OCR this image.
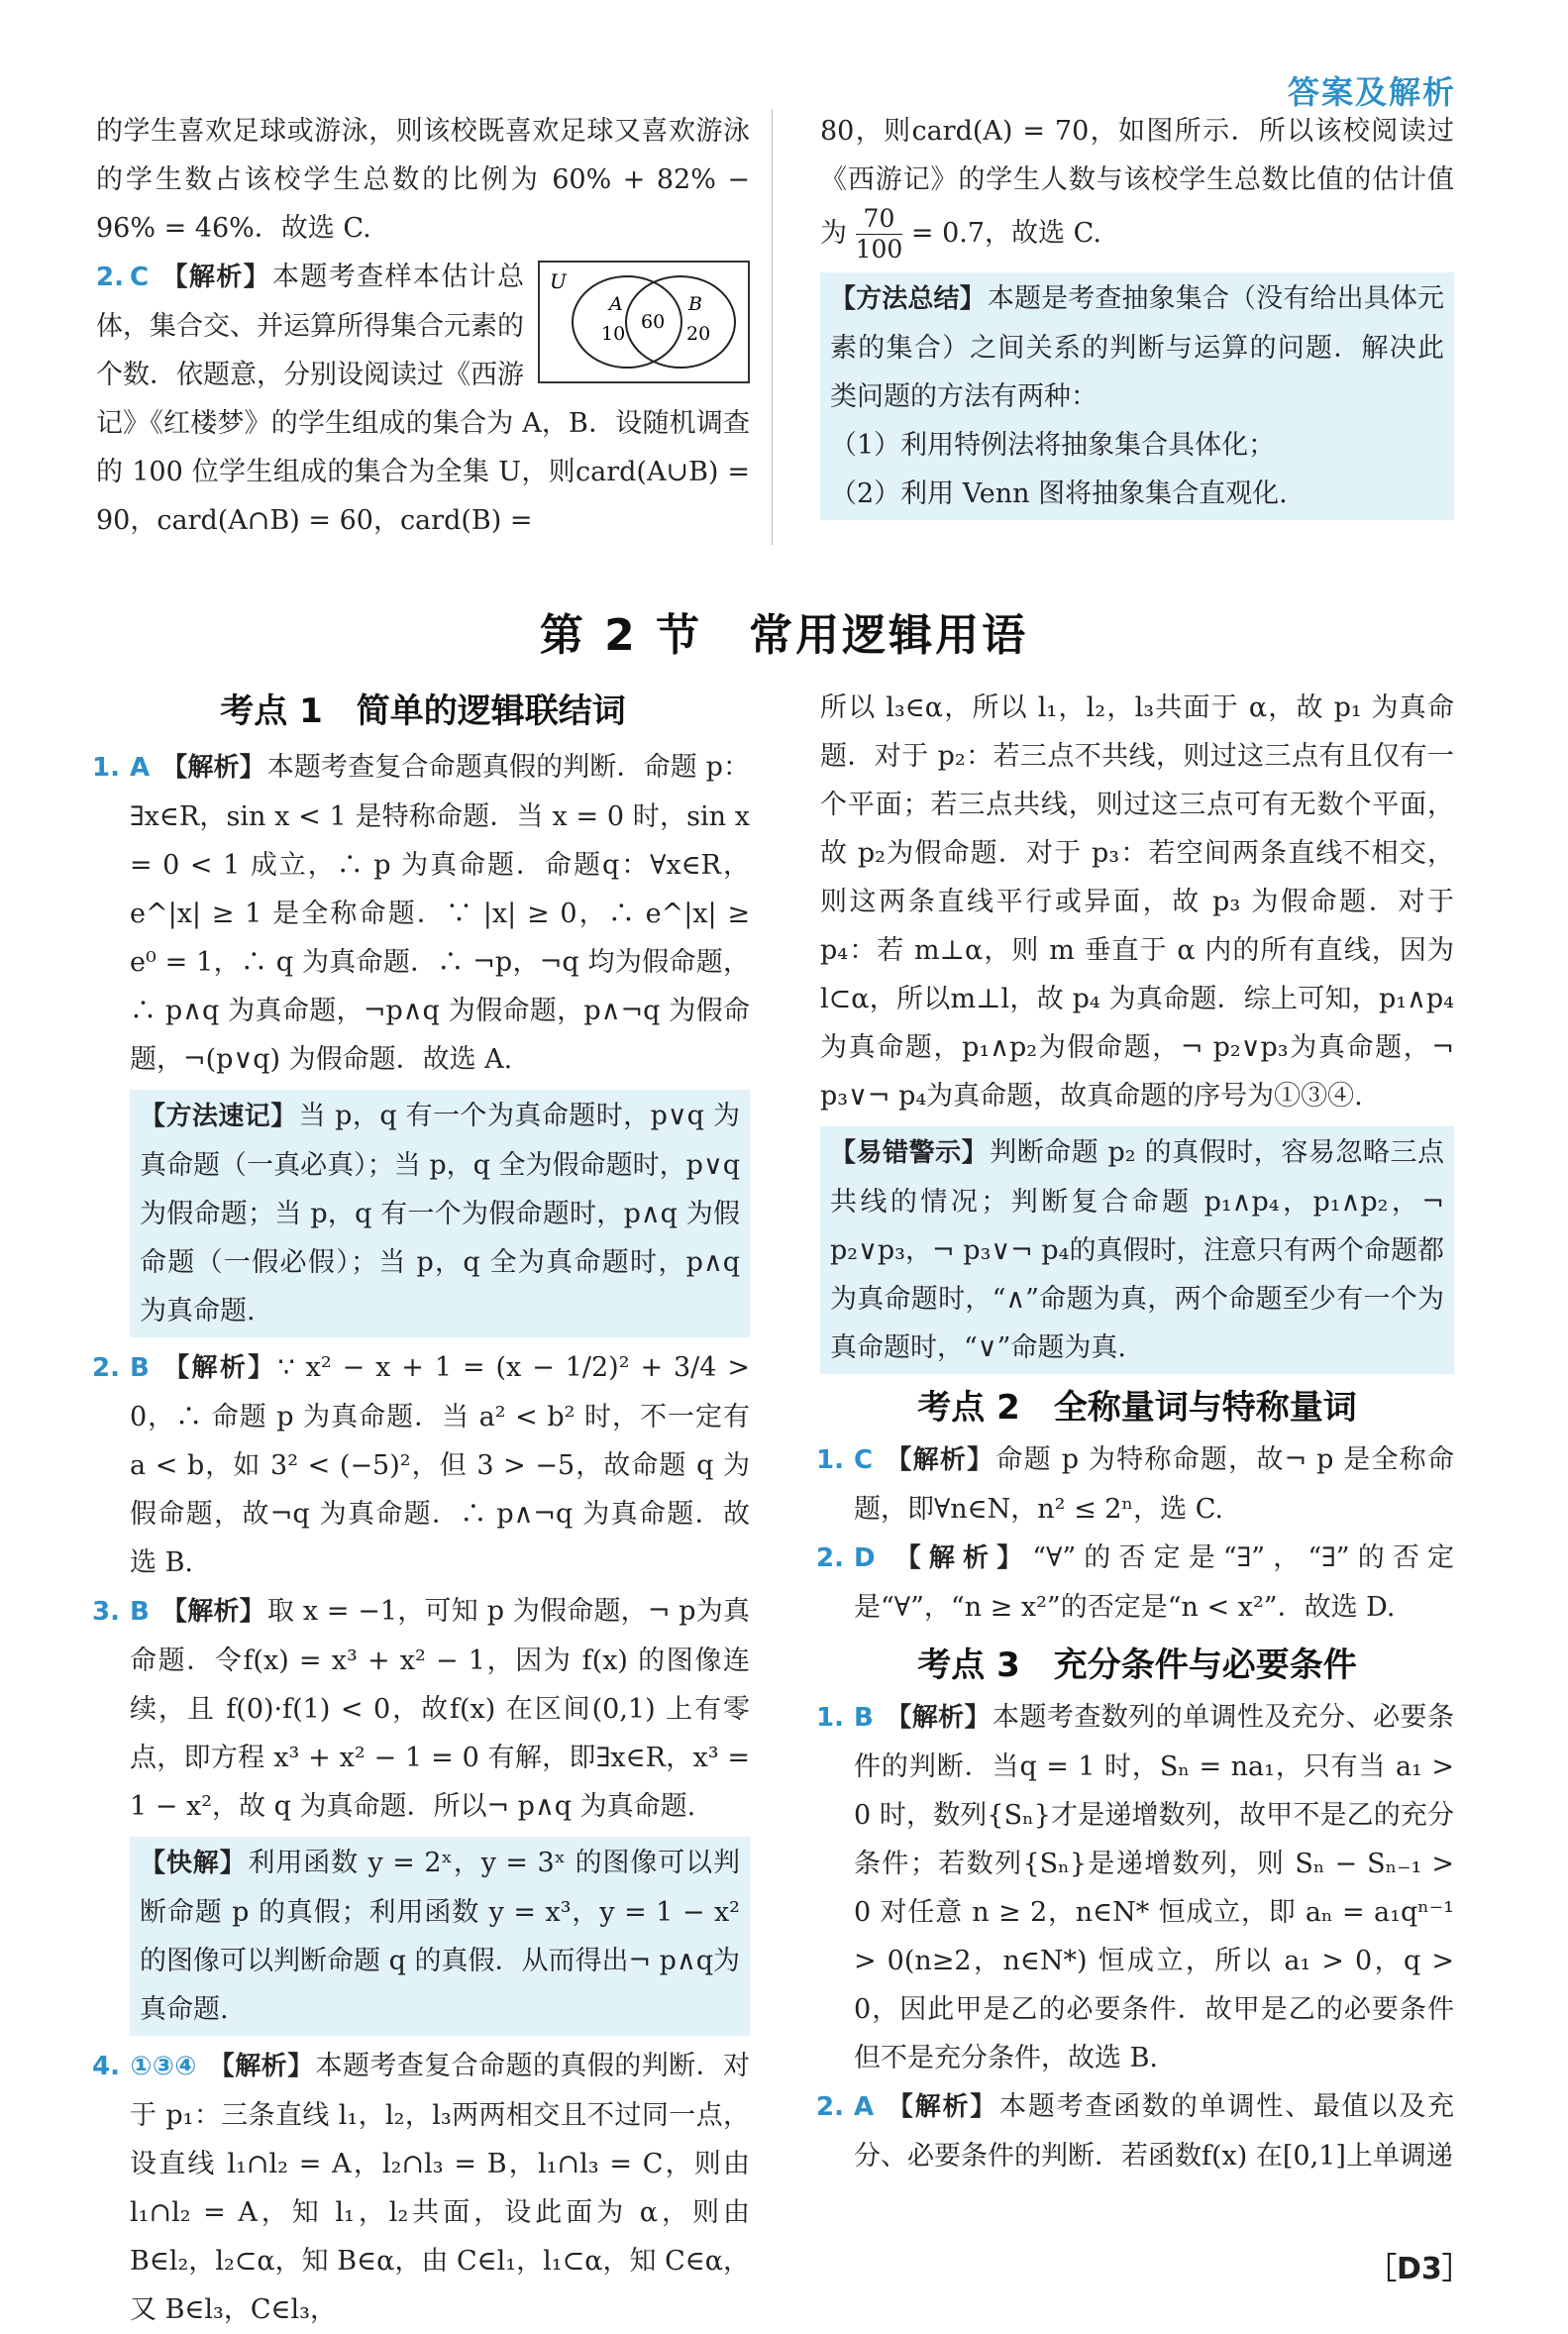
答案及解析
的学生喜欢足球或游泳，则该校既喜欢足球又喜欢游泳的学生数占该校学生总数的比例为 60% + 82% − 96% = 46%．故选 C.
2. C 【解析】	U
A
10
60
B
20
本题考查样本估计总体，集合交、并运算所得集合元素的个数．依题意，分别设阅读过《西游记》《红楼梦》的学生组成的集合为 A，B．设随机调查的 100 位学生组成的集合为全集 U，则card(A∪B) = 90，card(A∩B) = 60，card(B) =
80，则card(A) = 70，如图所示．所以该校阅读过《西游记》的学生人数与该校学生总数比值的估计值为 $\frac{70}{100} = 0.7$，故选 C.
【方法总结】本题是考查抽象集合（没有给出具体元素的集合）之间关系的判断与运算的问题．解决此类问题的方法有两种：
（1）利用特例法将抽象集合具体化；
（2）利用 Venn 图将抽象集合直观化.
第 2 节　常用逻辑用语
考点 1　简单的逻辑联结词
1. A 【解析】本题考查复合命题真假的判断．命题 p：∃x∈R，sin x < 1 是特称命题．当 x = 0 时，sin x = 0 < 1 成立，∴ p 为真命题．命题q：∀x∈R，e^|x| ≥ 1 是全称命题．∵ |x| ≥ 0，∴ e^|x| ≥ e⁰ = 1，∴ q 为真命题．∴ ¬p，¬q 均为假命题，∴ p∧q 为真命题，¬p∧q 为假命题，p∧¬q 为假命题，¬(p∨q) 为假命题．故选 A.
【方法速记】当 p，q 有一个为真命题时，p∨q 为真命题（一真必真）；当 p，q 全为假命题时，p∨q 为假命题；当 p，q 有一个为假命题时，p∧q 为假命题（一假必假）；当 p，q 全为真命题时，p∧q 为真命题.
2. B 【解析】∵ x² − x + 1 = (x − 1/2)² + 3/4 > 0，∴ 命题 p 为真命题．当 a² < b² 时，不一定有 a < b，如 3² < (−5)²，但 3 > −5，故命题 q 为假命题，故¬q 为真命题．∴ p∧¬q 为真命题．故选 B.
3. B 【解析】取 x = −1，可知 p 为假命题，¬ p为真命题．令f(x) = x³ + x² − 1，因为 f(x) 的图像连续，且 f(0)·f(1) < 0，故f(x) 在区间(0,1) 上有零点，即方程 x³ + x² − 1 = 0 有解，即∃x∈R，x³ = 1 − x²，故 q 为真命题．所以¬ p∧q 为真命题.
【快解】利用函数 y = 2ˣ，y = 3ˣ 的图像可以判断命题 p 的真假；利用函数 y = x³，y = 1 − x² 的图像可以判断命题 q 的真假．从而得出¬ p∧q为真命题.
4. ①③④ 【解析】本题考查复合命题的真假的判断．对于 p₁：三条直线 l₁，l₂，l₃两两相交且不过同一点，设直线 l₁∩l₂ = A，l₂∩l₃ = B，l₁∩l₃ = C，则由 l₁∩l₂ = A，知 l₁，l₂共面，设此面为 α，则由 B∈l₂，l₂⊂α，知 B∈α，由 C∈l₁，l₁⊂α，知 C∈α，又 B∈l₃，C∈l₃，
所以 l₃∈α，所以 l₁，l₂，l₃共面于 α，故 p₁ 为真命题．对于 p₂：若三点不共线，则过这三点有且仅有一个平面；若三点共线，则过这三点可有无数个平面，故 p₂为假命题．对于 p₃：若空间两条直线不相交，则这两条直线平行或异面，故 p₃ 为假命题．对于 p₄：若 m⊥α，则 m 垂直于 α 内的所有直线，因为 l⊂α，所以m⊥l，故 p₄ 为真命题．综上可知，p₁∧p₄为真命题，p₁∧p₂为假命题，¬ p₂∨p₃为真命题，¬ p₃∨¬ p₄为真命题，故真命题的序号为①③④.
【易错警示】判断命题 p₂ 的真假时，容易忽略三点共线的情况；判断复合命题 p₁∧p₄，p₁∧p₂，¬ p₂∨p₃，¬ p₃∨¬ p₄的真假时，注意只有两个命题都为真命题时，“∧”命题为真，两个命题至少有一个为真命题时，“∨”命题为真.
考点 2　全称量词与特称量词
1. C 【解析】命题 p 为特称命题，故¬ p 是全称命题，即∀n∈N，n² ≤ 2ⁿ，选 C.
2. D 【解析】“∀”的否定是“∃”，“∃”的否定是“∀”，“n ≥ x²”的否定是“n < x²”．故选 D.
考点 3　充分条件与必要条件
1. B 【解析】本题考查数列的单调性及充分、必要条件的判断．当q = 1 时，Sₙ = na₁，只有当 a₁ > 0 时，数列{Sₙ}才是递增数列，故甲不是乙的充分条件；若数列{Sₙ}是递增数列，则 Sₙ − Sₙ₋₁ > 0 对任意 n ≥ 2，n∈N* 恒成立，即 aₙ = a₁qⁿ⁻¹ > 0(n≥2，n∈N*) 恒成立，所以 a₁ > 0，q > 0，因此甲是乙的必要条件．故甲是乙的必要条件但不是充分条件，故选 B.
2. A 【解析】本题考查函数的单调性、最值以及充分、必要条件的判断．若函数f(x) 在[0,1]上单调递
［D3］
